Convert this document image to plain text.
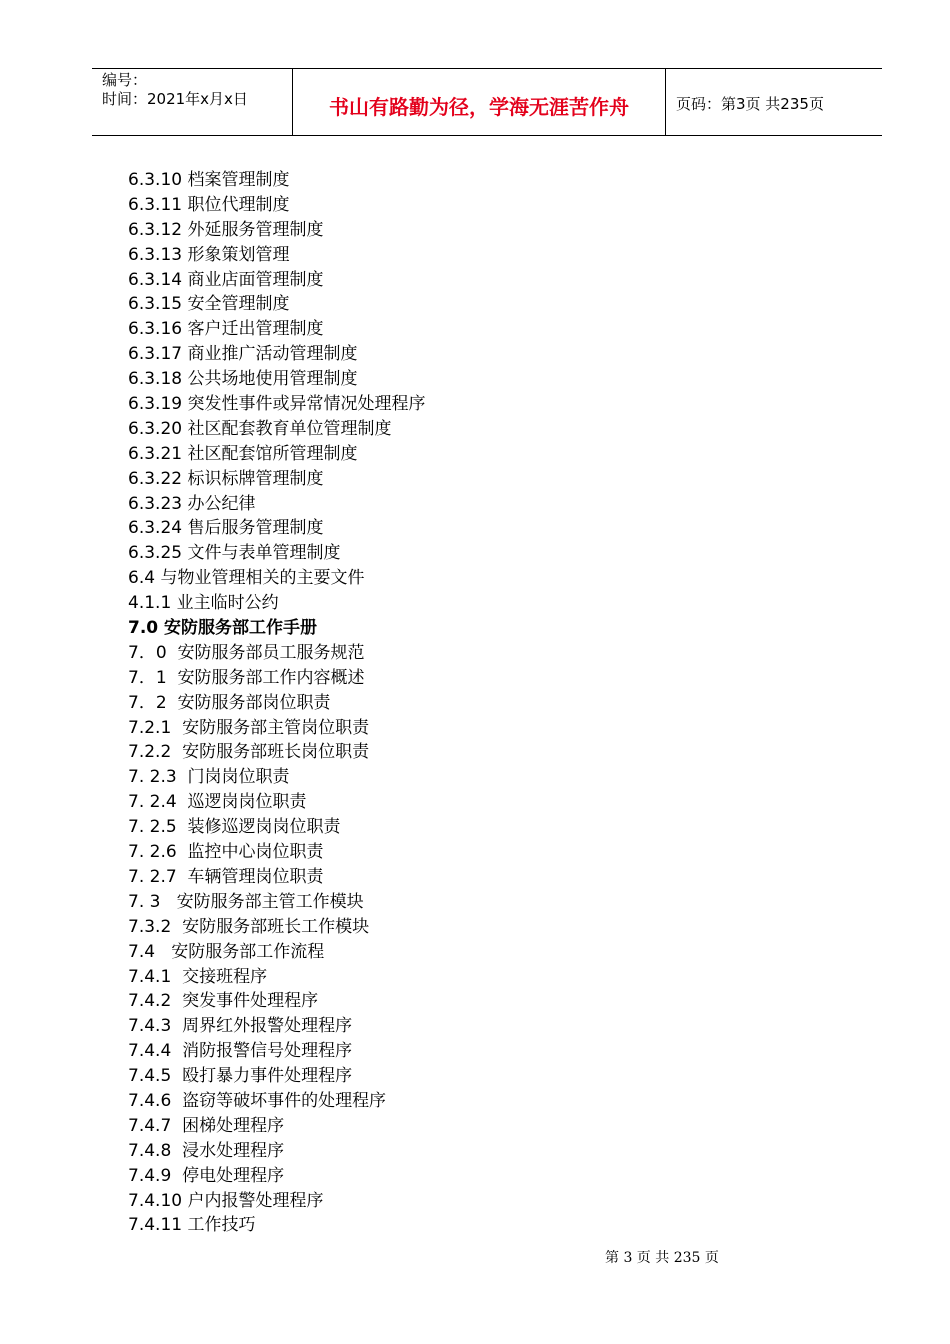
编号：
时间：2021年x月x日	书山有路勤为径，学海无涯苦作舟	页码：第3页 共235页
6.3.10 档案管理制度
6.3.11 职位代理制度
6.3.12 外延服务管理制度
6.3.13 形象策划管理
6.3.14 商业店面管理制度
6.3.15 安全管理制度
6.3.16 客户迁出管理制度
6.3.17 商业推广活动管理制度
6.3.18 公共场地使用管理制度
6.3.19 突发性事件或异常情况处理程序
6.3.20 社区配套教育单位管理制度
6.3.21 社区配套馆所管理制度
6.3.22 标识标牌管理制度
6.3.23 办公纪律
6.3.24 售后服务管理制度
6.3.25 文件与表单管理制度
6.4 与物业管理相关的主要文件
4.1.1 业主临时公约
7.0 安防服务部工作手册
7．0  安防服务部员工服务规范
7．1  安防服务部工作内容概述
7．2  安防服务部岗位职责
7.2.1  安防服务部主管岗位职责
7.2.2  安防服务部班长岗位职责
7. 2.3  门岗岗位职责
7. 2.4  巡逻岗岗位职责
7. 2.5  装修巡逻岗岗位职责
7. 2.6  监控中心岗位职责
7. 2.7  车辆管理岗位职责
7. 3   安防服务部主管工作模块
7.3.2  安防服务部班长工作模块
7.4   安防服务部工作流程
7.4.1  交接班程序
7.4.2  突发事件处理程序
7.4.3  周界红外报警处理程序
7.4.4  消防报警信号处理程序
7.4.5  殴打暴力事件处理程序
7.4.6  盗窃等破坏事件的处理程序
7.4.7  困梯处理程序
7.4.8  浸水处理程序
7.4.9  停电处理程序
7.4.10 户内报警处理程序
7.4.11 工作技巧
第 3 页 共 235 页
